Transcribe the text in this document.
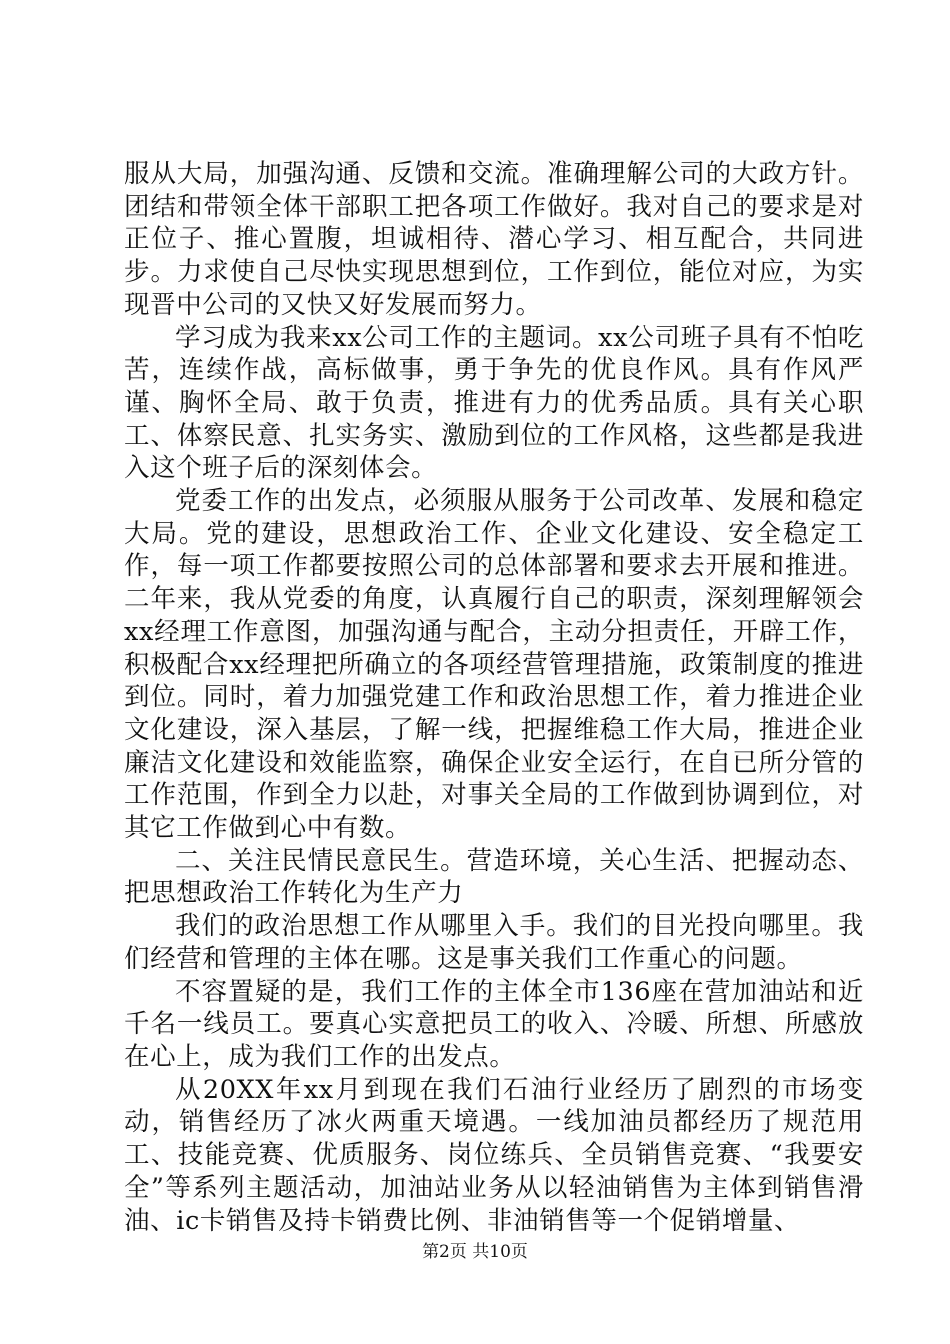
服从大局，加强沟通、反馈和交流。准确理解公司的大政方针。团结和带领全体干部职工把各项工作做好。我对自己的要求是对正位子、推心置腹，坦诚相待、潜心学习、相互配合，共同进步。力求使自己尽快实现思想到位，工作到位，能位对应，为实现晋中公司的又快又好发展而努力。

学习成为我来xx公司工作的主题词。xx公司班子具有不怕吃苦，连续作战，高标做事，勇于争先的优良作风。具有作风严谨、胸怀全局、敢于负责，推进有力的优秀品质。具有关心职工、体察民意、扎实务实、激励到位的工作风格，这些都是我进入这个班子后的深刻体会。

党委工作的出发点，必须服从服务于公司改革、发展和稳定大局。党的建设，思想政治工作、企业文化建设、安全稳定工作，每一项工作都要按照公司的总体部署和要求去开展和推进。二年来，我从党委的角度，认真履行自己的职责，深刻理解领会xx经理工作意图，加强沟通与配合，主动分担责任，开辟工作，积极配合xx经理把所确立的各项经营管理措施，政策制度的推进到位。同时，着力加强党建工作和政治思想工作，着力推进企业文化建设，深入基层，了解一线，把握维稳工作大局，推进企业廉洁文化建设和效能监察，确保企业安全运行，在自已所分管的工作范围，作到全力以赴，对事关全局的工作做到协调到位，对其它工作做到心中有数。

二、关注民情民意民生。营造环境，关心生活、把握动态、把思想政治工作转化为生产力

我们的政治思想工作从哪里入手。我们的目光投向哪里。我们经营和管理的主体在哪。这是事关我们工作重心的问题。

不容置疑的是，我们工作的主体全市136座在营加油站和近千名一线员工。要真心实意把员工的收入、冷暖、所想、所感放在心上，成为我们工作的出发点。

从20XX年xx月到现在我们石油行业经历了剧烈的市场变动，销售经历了冰火两重天境遇。一线加油员都经历了规范用工、技能竞赛、优质服务、岗位练兵、全员销售竞赛、“我要安全”等系列主题活动，加油站业务从以轻油销售为主体到销售滑油、ic卡销售及持卡销费比例、非油销售等一个促销增量、

第2页 共10页
